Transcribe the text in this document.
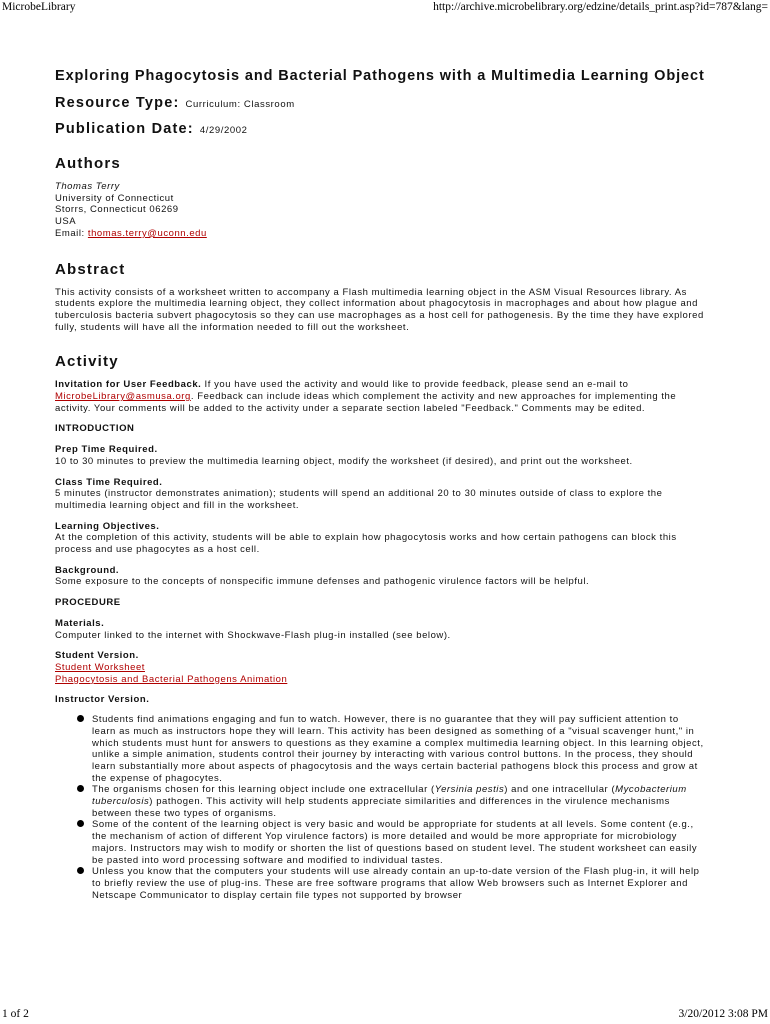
MicrobeLibrary	http://archive.microbelibrary.org/edzine/details_print.asp?id=787&lang=
Exploring Phagocytosis and Bacterial Pathogens with a Multimedia Learning Object
Resource Type: Curriculum: Classroom
Publication Date: 4/29/2002
Authors
Thomas Terry
University of Connecticut
Storrs, Connecticut 06269
USA
Email: thomas.terry@uconn.edu
Abstract
This activity consists of a worksheet written to accompany a Flash multimedia learning object in the ASM Visual Resources library. As students explore the multimedia learning object, they collect information about phagocytosis in macrophages and about how plague and tuberculosis bacteria subvert phagocytosis so they can use macrophages as a host cell for pathogenesis. By the time they have explored fully, students will have all the information needed to fill out the worksheet.
Activity
Invitation for User Feedback. If you have used the activity and would like to provide feedback, please send an e-mail to MicrobeLibrary@asmusa.org. Feedback can include ideas which complement the activity and new approaches for implementing the activity. Your comments will be added to the activity under a separate section labeled "Feedback." Comments may be edited.
INTRODUCTION
Prep Time Required.
10 to 30 minutes to preview the multimedia learning object, modify the worksheet (if desired), and print out the worksheet.
Class Time Required.
5 minutes (instructor demonstrates animation); students will spend an additional 20 to 30 minutes outside of class to explore the multimedia learning object and fill in the worksheet.
Learning Objectives.
At the completion of this activity, students will be able to explain how phagocytosis works and how certain pathogens can block this process and use phagocytes as a host cell.
Background.
Some exposure to the concepts of nonspecific immune defenses and pathogenic virulence factors will be helpful.
PROCEDURE
Materials.
Computer linked to the internet with Shockwave-Flash plug-in installed (see below).
Student Version.
Student Worksheet
Phagocytosis and Bacterial Pathogens Animation
Instructor Version.
Students find animations engaging and fun to watch. However, there is no guarantee that they will pay sufficient attention to learn as much as instructors hope they will learn. This activity has been designed as something of a "visual scavenger hunt," in which students must hunt for answers to questions as they examine a complex multimedia learning object. In this learning object, unlike a simple animation, students control their journey by interacting with various control buttons. In the process, they should learn substantially more about aspects of phagocytosis and the ways certain bacterial pathogens block this process and grow at the expense of phagocytes.
The organisms chosen for this learning object include one extracellular (Yersinia pestis) and one intracellular (Mycobacterium tuberculosis) pathogen. This activity will help students appreciate similarities and differences in the virulence mechanisms between these two types of organisms.
Some of the content of the learning object is very basic and would be appropriate for students at all levels. Some content (e.g., the mechanism of action of different Yop virulence factors) is more detailed and would be more appropriate for microbiology majors. Instructors may wish to modify or shorten the list of questions based on student level. The student worksheet can easily be pasted into word processing software and modified to individual tastes.
Unless you know that the computers your students will use already contain an up-to-date version of the Flash plug-in, it will help to briefly review the use of plug-ins. These are free software programs that allow Web browsers such as Internet Explorer and Netscape Communicator to display certain file types not supported by browser
1 of 2	3/20/2012 3:08 PM
